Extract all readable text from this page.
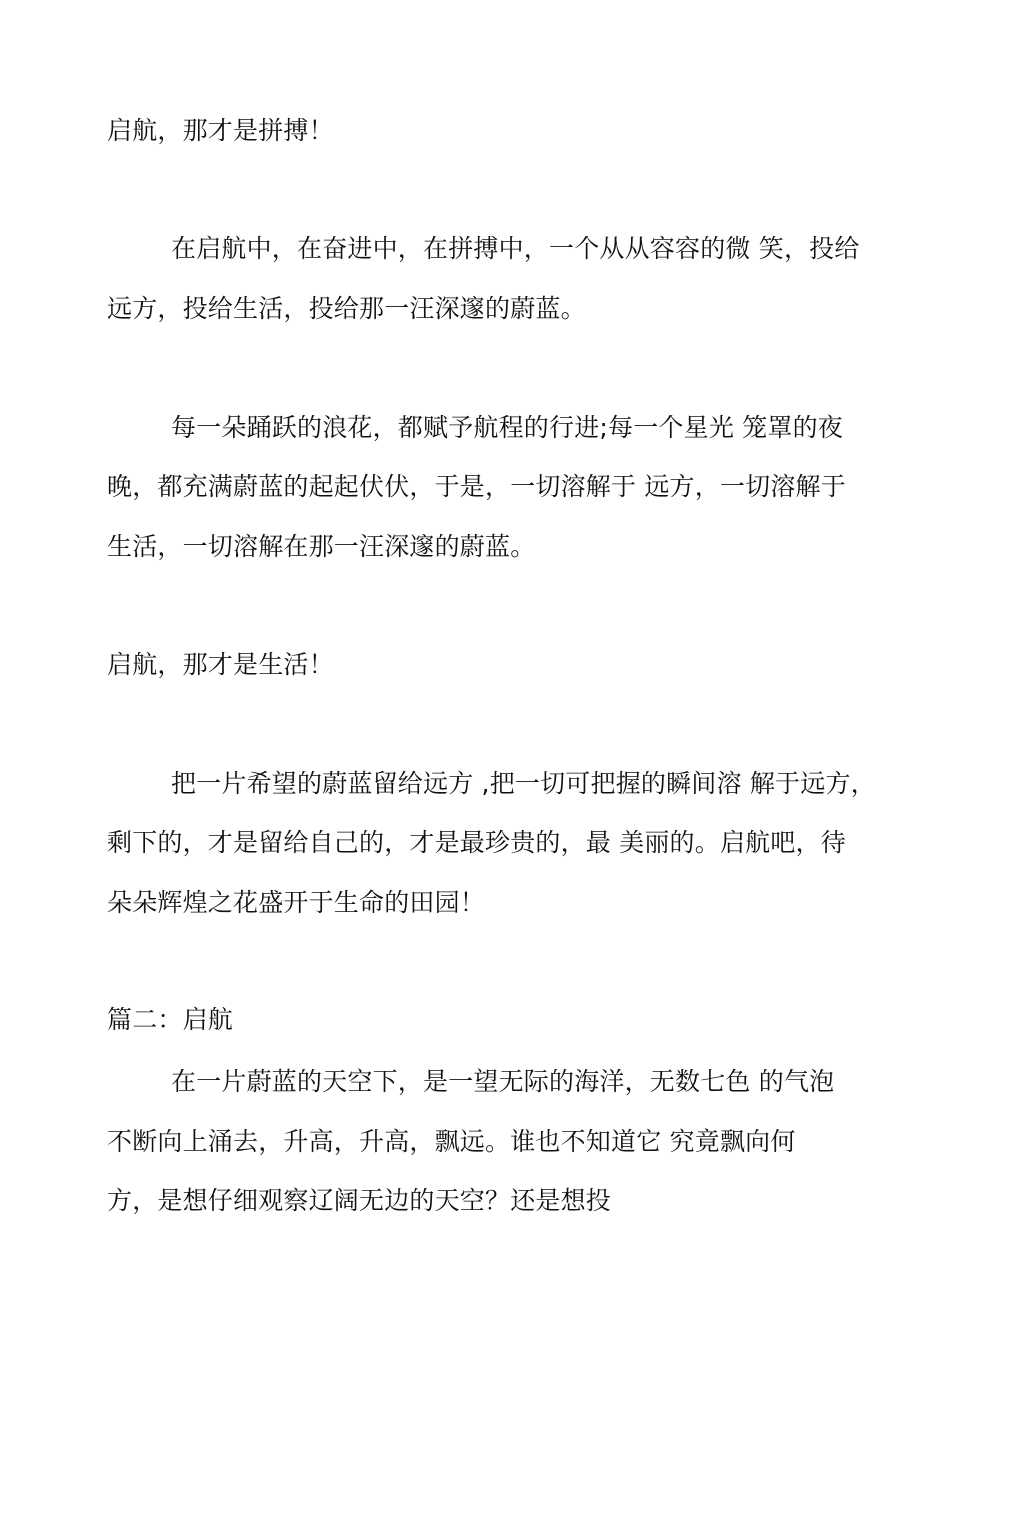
启航，那才是拼搏！
在启航中，在奋进中，在拼搏中，一个从从容容的微 笑，投给
远方，投给生活，投给那一汪深邃的蔚蓝。
每一朵踊跃的浪花，都赋予航程的行进;每一个星光 笼罩的夜
晚，都充满蔚蓝的起起伏伏，于是，一切溶解于 远方，一切溶解于
生活，一切溶解在那一汪深邃的蔚蓝。
启航，那才是生活！
把一片希望的蔚蓝留给远方 ,把一切可把握的瞬间溶 解于远方，
剩下的，才是留给自己的，才是最珍贵的，最 美丽的。启航吧，待
朵朵辉煌之花盛开于生命的田园！
篇二：启航
在一片蔚蓝的天空下，是一望无际的海洋，无数七色 的气泡
不断向上涌去，升高，升高，飘远。谁也不知道它 究竟飘向何
方，是想仔细观察辽阔无边的天空？还是想投
